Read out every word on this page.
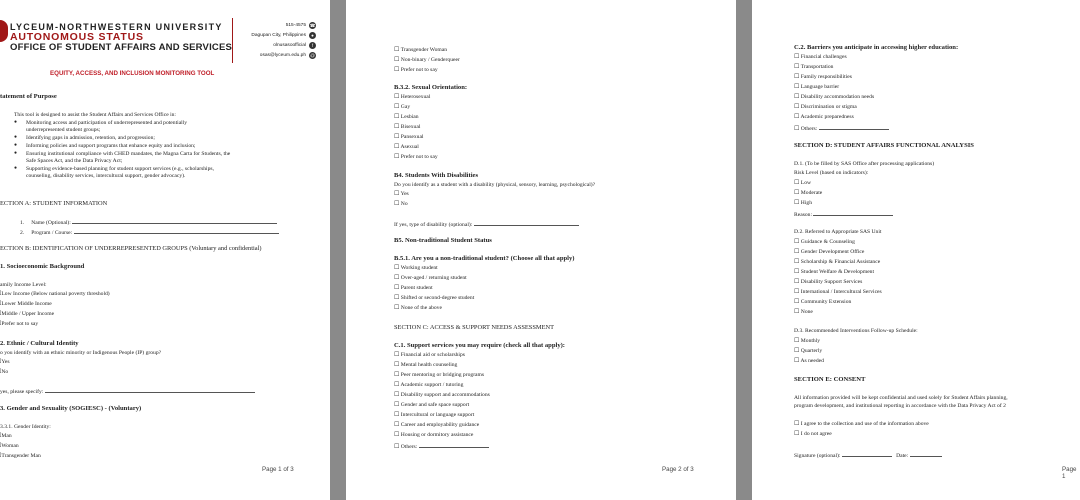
LYCEUM-NORTHWESTERN UNIVERSITY
AUTONOMOUS STATUS
OFFICE OF STUDENT AFFAIRS AND SERVICES
515-4575 ☎
Dagupan City, Philippines	●
olnusasoofficial	f
osas@lyceum.edu.ph @
EQUITY, ACCESS, AND INCLUSION MONITORING TOOL
tatement of Purpose
This tool is designed to assist the Student Affairs and Services Office in:
● Monitoring access and participation of underrepresented and potentially
underrepresented student groups;
● Identifying gaps in admission, retention, and progression;
● Informing policies and support programs that enhance equity and inclusion;
● Ensuring institutional compliance with CHED mandates, the Magna Carta for Students, the
Safe Spaces Act, and the Data Privacy Act;
● Supporting evidence-based planning for student support services (e.g., scholarships,
counseling, disability services, intercultural support, gender advocacy).
ECTION A: STUDENT INFORMATION
1. Name (Optional):
2. Program / Course:
ECTION B: IDENTIFICATION OF UNDERREPRESENTED GROUPS (Voluntary and confidential)
1. Socioeconomic Background
amily Income Level:
Low Income (Below national poverty threshold)
Lower Middle Income
Middle / Upper Income
Prefer not to say
2. Ethnic / Cultural Identity
o you identify with an ethnic minority or Indigenous People (IP) group?
Yes
No
yes, please specify:
3. Gender and Sexuality (SOGIESC) - (Voluntary)
3.3.1. Gender Identity:
Man
Woman
Transgender Man
Page 1 of 3
☐ Transgender Woman
☐ Non-binary / Genderqueer
☐ Prefer not to say
B.3.2. Sexual Orientation:
☐ Heterosexual
☐ Gay
☐ Lesbian
☐ Bisexual
☐ Pansexual
☐ Asexual
☐ Prefer not to say
B4. Students With Disabilities
Do you identify as a student with a disability (physical, sensory, learning, psychological)?
☐ Yes
☐ No
If yes, type of disability (optional):
B5. Non-traditional Student Status
B.5.1. Are you a non-traditional student? (Choose all that apply)
☐ Working student
☐ Over-aged / returning student
☐ Parent student
☐ Shifted or second-degree student
☐ None of the above
SECTION C: ACCESS & SUPPORT NEEDS ASSESSMENT
C.1. Support services you may require (check all that apply):
☐ Financial aid or scholarships
☐ Mental health counseling
☐ Peer mentoring or bridging programs
☐ Academic support / tutoring
☐ Disability support and accommodations
☐ Gender and safe space support
☐ Intercultural or language support
☐ Career and employability guidance
☐ Housing or dormitory assistance
☐ Others:
Page 2 of 3
C.2. Barriers you anticipate in accessing higher education:
☐ Financial challenges
☐ Transportation
☐ Family responsibilities
☐ Language barrier
☐ Disability accommodation needs
☐ Discrimination or stigma
☐ Academic preparedness
☐ Others:
SECTION D: STUDENT AFFAIRS FUNCTIONAL ANALYSIS
D.1. (To be filled by SAS Office after processing applications)
Risk Level (based on indicators):
☐ Low
☐ Moderate
☐ High
Reason:
D.2. Referred to Appropriate SAS Unit
☐ Guidance & Counseling
☐ Gender Development Office
☐ Scholarship & Financial Assistance
☐ Student Welfare & Development
☐ Disability Support Services
☐ International / Intercultural Services
☐ Community Extension
☐ None
D.3. Recommended Interventions Follow-up Schedule:
☐ Monthly
☐ Quarterly
☐ As needed
SECTION E: CONSENT
All information provided will be kept confidential and used solely for Student Affairs planning,
program development, and institutional reporting in accordance with the Data Privacy Act of 2
☐ I agree to the collection and use of the information above
☐ I do not agree
Signature (optional):	Date:
Page 1
